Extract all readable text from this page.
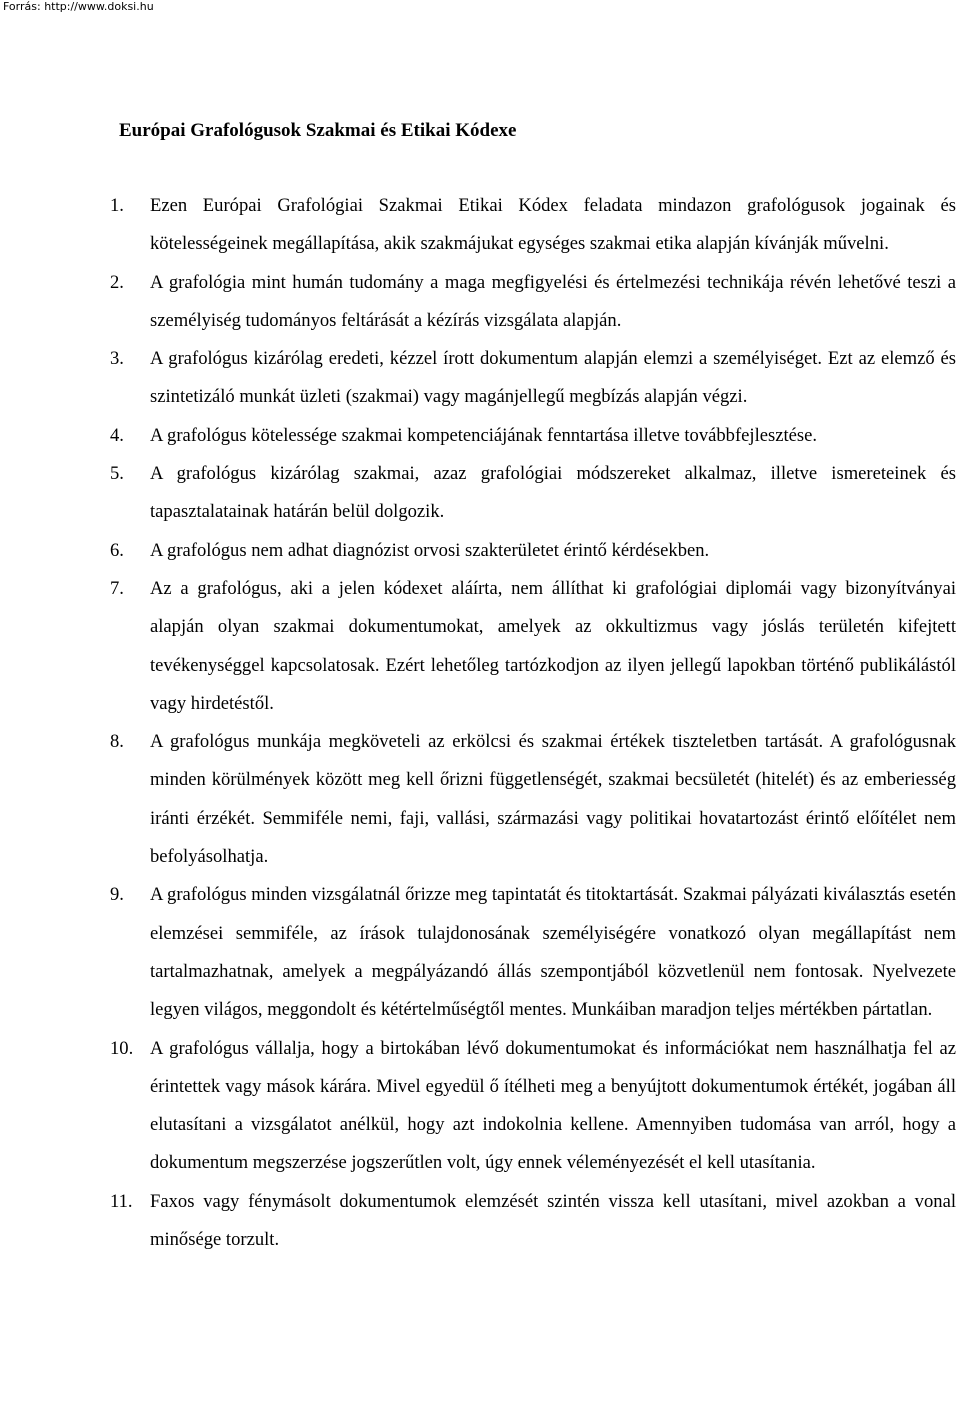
Forrás: http://www.doksi.hu
Európai Grafológusok Szakmai és Etikai Kódexe
1. Ezen Európai Grafológiai Szakmai Etikai Kódex feladata mindazon grafológusok jogainak és kötelességeinek megállapítása, akik szakmájukat egységes szakmai etika alapján kívánják művelni.
2. A grafológia mint humán tudomány a maga megfigyelési és értelmezési technikája révén lehetővé teszi a személyiség tudományos feltárását a kézírás vizsgálata alapján.
3. A grafológus kizárólag eredeti, kézzel írott dokumentum alapján elemzi a személyiséget. Ezt az elemző és szintetizáló munkát üzleti (szakmai) vagy magánjellegű megbízás alapján végzi.
4. A grafológus kötelessége szakmai kompetenciájának fenntartása illetve továbbfejlesztése.
5. A grafológus kizárólag szakmai, azaz grafológiai módszereket alkalmaz, illetve ismereteinek és tapasztalatainak határán belül dolgozik.
6. A grafológus nem adhat diagnózist orvosi szakterületet érintő kérdésekben.
7. Az a grafológus, aki a jelen kódexet aláírta, nem állíthat ki grafológiai diplomái vagy bizonyítványai alapján olyan szakmai dokumentumokat, amelyek az okkultizmus vagy jóslás területén kifejtett tevékenységgel kapcsolatosak. Ezért lehetőleg tartózkodjon az ilyen jellegű lapokban történő publikálástól vagy hirdetéstől.
8. A grafológus munkája megköveteli az erkölcsi és szakmai értékek tiszteletben tartását. A grafológusnak minden körülmények között meg kell őrizni függetlenségét, szakmai becsületét (hitelét) és az emberiesség iránti érzékét. Semmiféle nemi, faji, vallási, származási vagy politikai hovatartozást érintő előítélet nem befolyásolhatja.
9. A grafológus minden vizsgálatnál őrizze meg tapintatát és titoktartását. Szakmai pályázati kiválasztás esetén elemzései semmiféle, az írások tulajdonosának személyiségére vonatkozó olyan megállapítást nem tartalmazhatnak, amelyek a megpályázandó állás szempontjából közvetlenül nem fontosak. Nyelvezete legyen világos, meggondolt és kétértelműségtől mentes. Munkáiban maradjon teljes mértékben pártatlan.
10. A grafológus vállalja, hogy a birtokában lévő dokumentumokat és információkat nem használhatja fel az érintettek vagy mások kárára. Mivel egyedül ő ítélheti meg a benyújtott dokumentumok értékét, jogában áll elutasítani a vizsgálatot anélkül, hogy azt indokolnia kellene. Amennyiben tudomása van arról, hogy a dokumentum megszerzése jogszerűtlen volt, úgy ennek véleményezését el kell utasítania.
11. Faxos vagy fénymásolt dokumentumok elemzését szintén vissza kell utasítani, mivel azokban a vonal minősége torzult.
